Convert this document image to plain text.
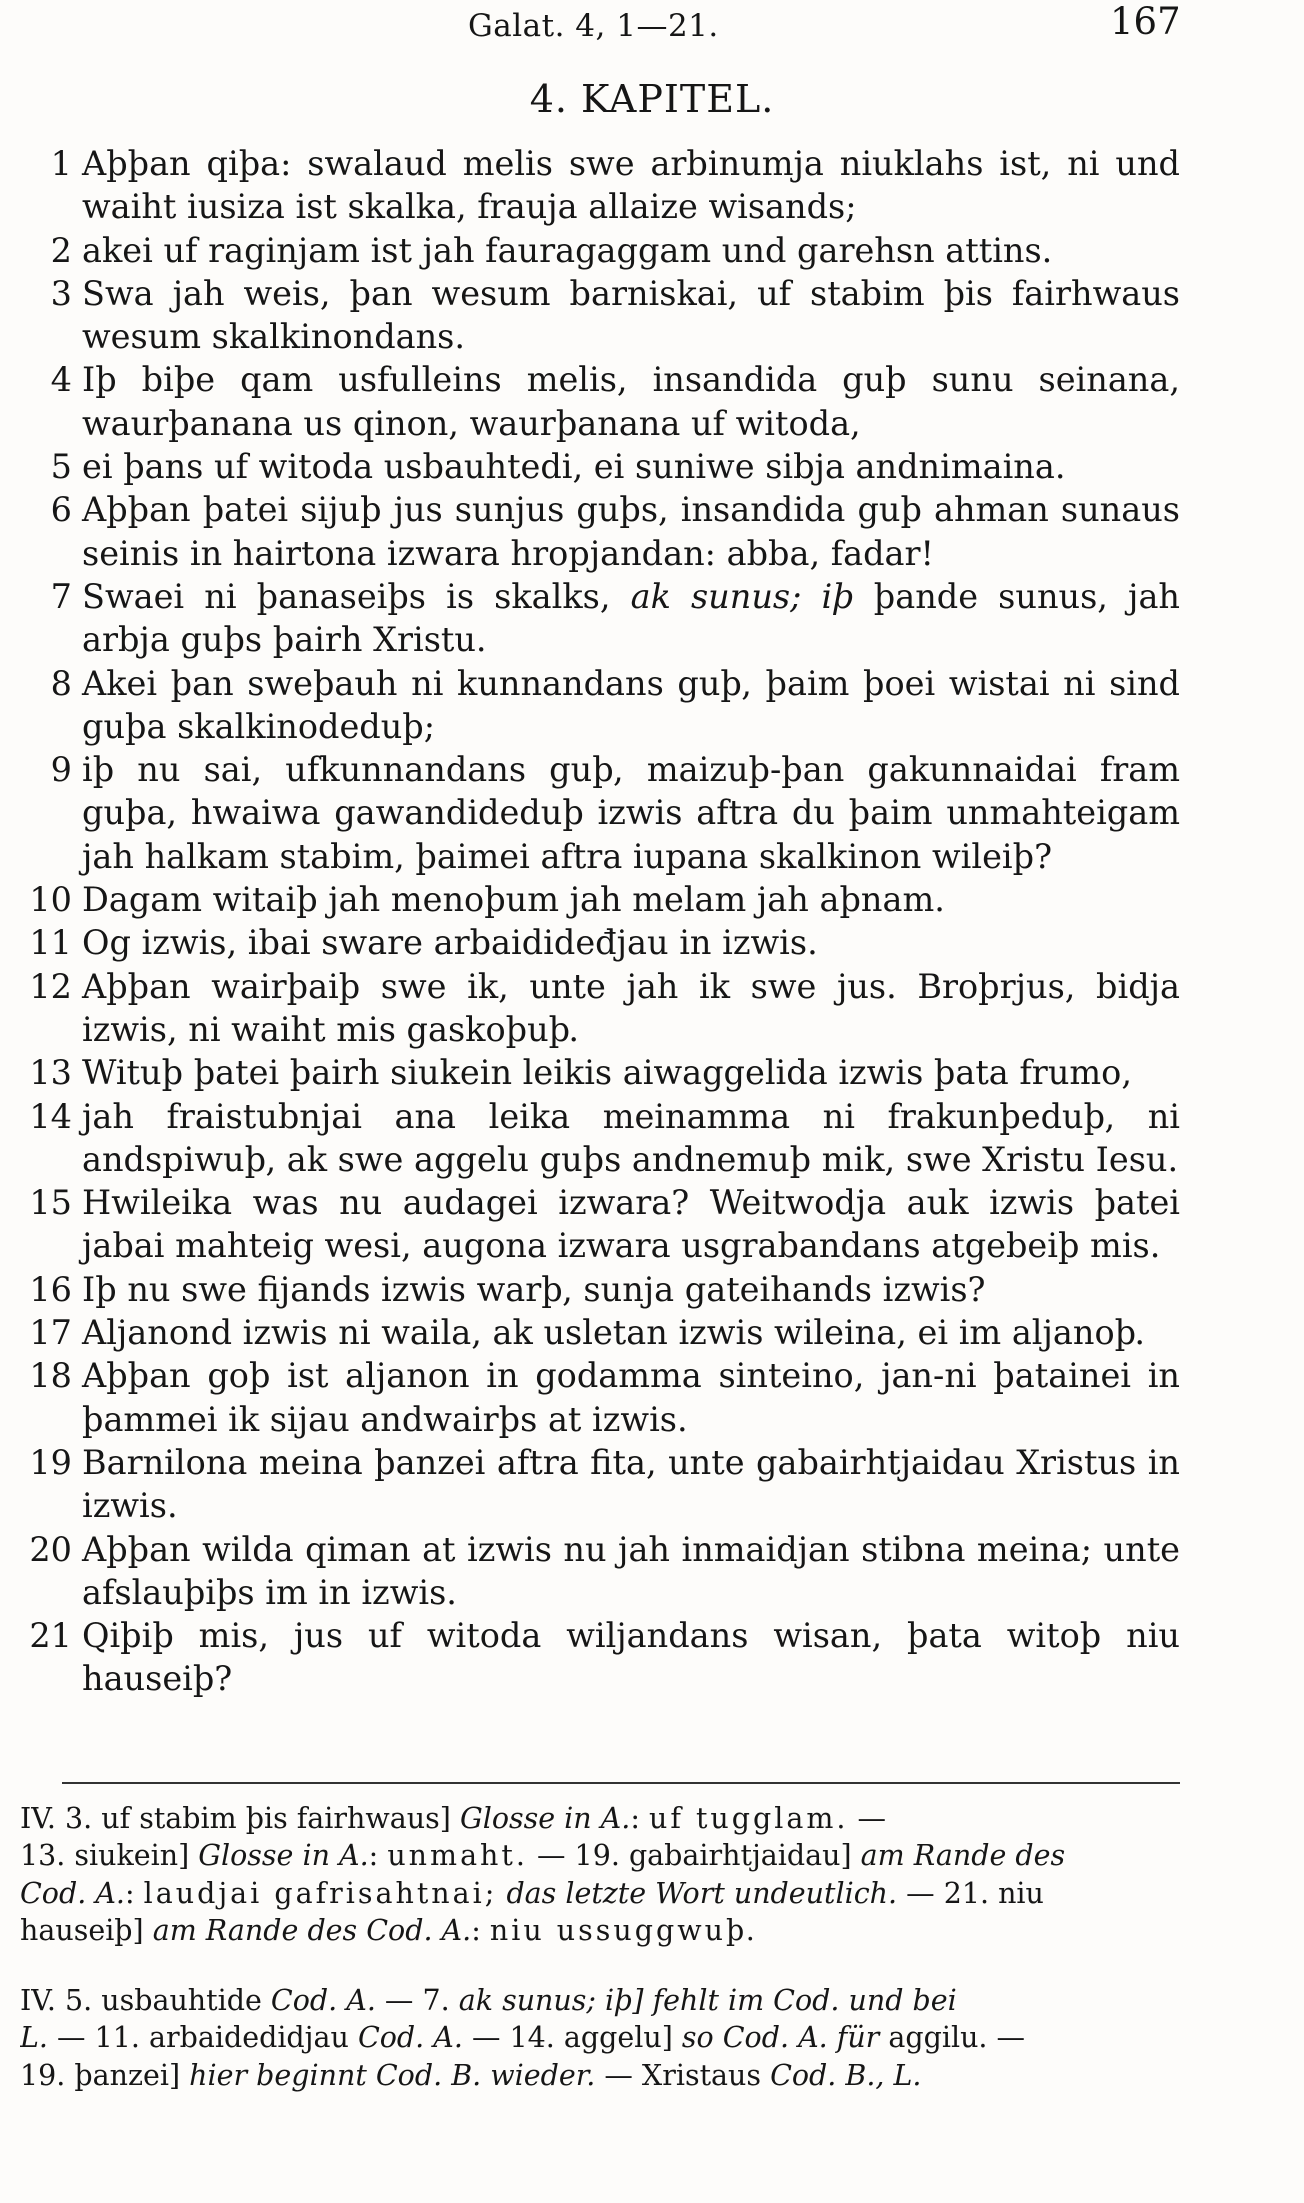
Galat. 4, 1—21.	167
4. KAPITEL.
1 Aþþan qiþa: swalaud melis swe arbinumja niuklahs ist, ni und waiht iusiza ist skalka, frauja allaize wisands;
2 akei uf raginjam ist jah fauragaggam und garehsn attins.
3 Swa jah weis, þan wesum barniskai, uf stabim þis fairhwaus wesum skalkinondans.
4 Iþ biþe qam usfulleins melis, insandida guþ sunu seinana, waurþanana us qinon, waurþanana uf witoda,
5 ei þans uf witoda usbauhtedi, ei suniwe sibja andnimaina.
6 Aþþan þatei sijuþ jus sunjus guþs, insandida guþ ahman sunaus seinis in hairtona izwara hropjandan: abba, fadar!
7 Swaei ni þanaseiþs is skalks, ak sunus; iþ þande sunus, jah arbja guþs þairh Xristu.
8 Akei þan sweþauh ni kunnandans guþ, þaim þoei wistai ni sind guþa skalkinodeduþ;
9 iþ nu sai, ufkunnandans guþ, maizuþ-þan gakunnaidai fram guþa, hwaiwa gawandideduþ izwis aftra du þaim unmahteigam jah halkam stabim, þaimei aftra iupana skalkinon wileiþ?
10 Dagam witaiþ jah menoþum jah melam jah aþnam.
11 Og izwis, ibai sware arbaidideđjau in izwis.
12 Aþþan wairþaiþ swe ik, unte jah ik swe jus. Broþrjus, bidja izwis, ni waiht mis gaskoþuþ.
13 Wituþ þatei þairh siukein leikis aiwaggelida izwis þata frumo,
14 jah fraistubnjai ana leika meinamma ni frakunþeduþ, ni andspiwuþ, ak swe aggelu guþs andnemuþ mik, swe Xristu Iesu.
15 Hwileika was nu audagei izwara? Weitwodja auk izwis þatei jabai mahteig wesi, augona izwara usgrabandans atgebeiþ mis.
16 Iþ nu swe fijands izwis warþ, sunja gateihands izwis?
17 Aljanond izwis ni waila, ak usletan izwis wileina, ei im aljanoþ.
18 Aþþan goþ ist aljanon in godamma sinteino, jan-ni þatainei in þammei ik sijau andwairþs at izwis.
19 Barnilona meina þanzei aftra fita, unte gabairhtjaidau Xristus in izwis.
20 Aþþan wilda qiman at izwis nu jah inmaidjan stibna meina; unte afslauþiþs im in izwis.
21 Qiþiþ mis, jus uf witoda wiljandans wisan, þata witoþ niu hauseiþ?
IV. 3. uf stabim þis fairhwaus] Glosse in A.: uf tugglam. —
13. siukein] Glosse in A.: unmaht. — 19. gabairhtjaidau] am Rande des
Cod. A.: laudjai gafrisahtnai; das letzte Wort undeutlich. — 21. niu
hauseiþ] am Rande des Cod. A.: niu ussuggwuþ.
IV. 5. usbauhtide Cod. A. — 7. ak sunus; iþ] fehlt im Cod. und bei
L. — 11. arbaidedidjau Cod. A. — 14. aggelu] so Cod. A. für aggilu. —
19. þanzei] hier beginnt Cod. B. wieder. — Xristaus Cod. B., L.
